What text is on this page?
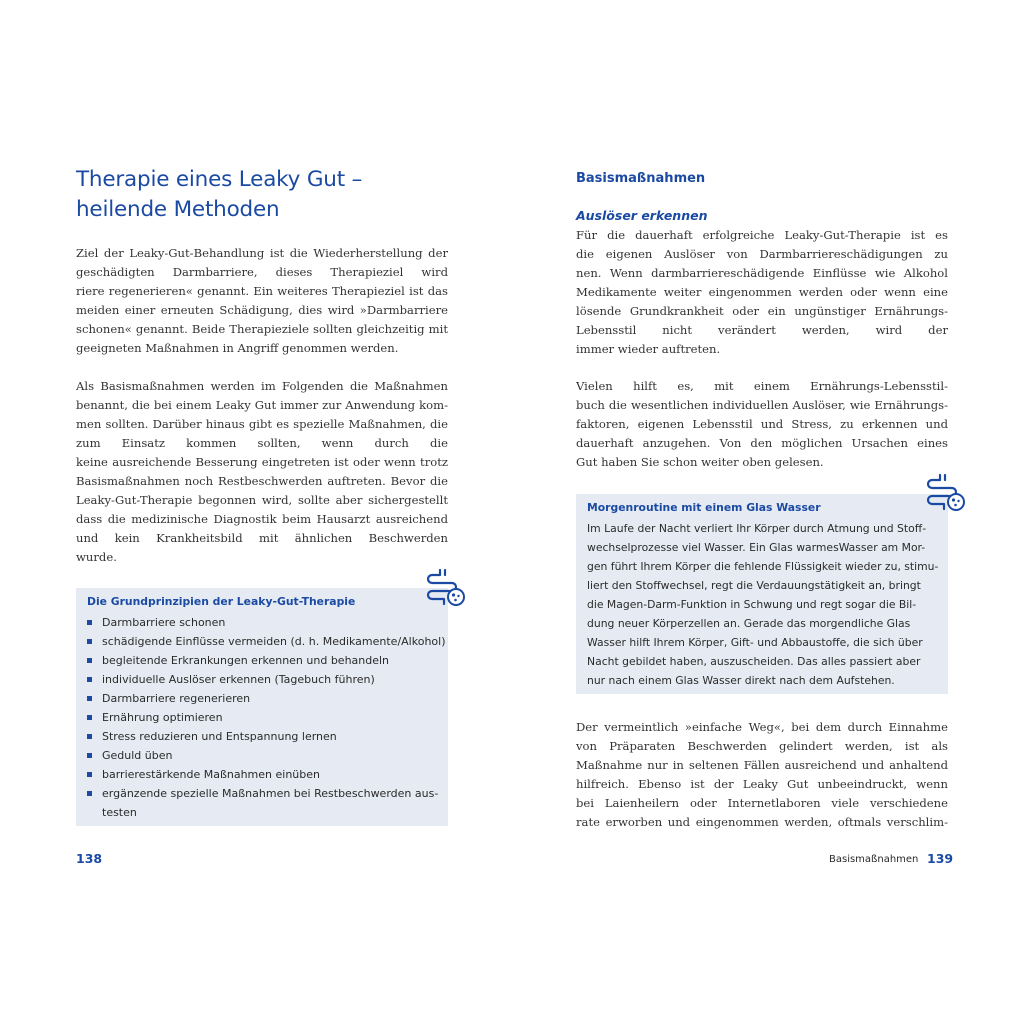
Therapie eines Leaky Gut –
heilende Methoden
Ziel der Leaky-Gut-Behandlung ist die Wiederherstellung der
geschädigten Darmbarriere, dieses Therapieziel wird
riere regenerieren« genannt. Ein weiteres Therapieziel ist das
meiden einer erneuten Schädigung, dies wird »Darmbarriere
schonen« genannt. Beide Therapieziele sollten gleichzeitig mit
geeigneten Maßnahmen in Angriff genommen werden.
Als Basismaßnahmen werden im Folgenden die Maßnahmen
benannt, die bei einem Leaky Gut immer zur Anwendung kom-
men sollten. Darüber hinaus gibt es spezielle Maßnahmen, die
zum Einsatz kommen sollten, wenn durch die
keine ausreichende Besserung eingetreten ist oder wenn trotz
Basismaßnahmen noch Restbeschwerden auftreten. Bevor die
Leaky-Gut-Therapie begonnen wird, sollte aber sichergestellt
dass die medizinische Diagnostik beim Hausarzt ausreichend
und kein Krankheitsbild mit ähnlichen Beschwerden
wurde.
Die Grundprinzipien der Leaky-Gut-Therapie
Darmbarriere schonen
schädigende Einflüsse vermeiden (d. h. Medikamente/Alkohol)
begleitende Erkrankungen erkennen und behandeln
individuelle Auslöser erkennen (Tagebuch führen)
Darmbarriere regenerieren
Ernährung optimieren
Stress reduzieren und Entspannung lernen
Geduld üben
barrierestärkende Maßnahmen einüben
ergänzende spezielle Maßnahmen bei Restbeschwerden aus-
testen
138
Basismaßnahmen
Auslöser erkennen
Für die dauerhaft erfolgreiche Leaky-Gut-Therapie ist es
die eigenen Auslöser von Darmbarriereschädigungen zu
nen. Wenn darmbarriereschädigende Einflüsse wie Alkohol
Medikamente weiter eingenommen werden oder wenn eine
lösende Grundkrankheit oder ein ungünstiger Ernährungs-
Lebensstil nicht verändert werden, wird der
immer wieder auftreten.
Vielen hilft es, mit einem Ernährungs-Lebensstil-
buch die wesentlichen individuellen Auslöser, wie Ernährungs-
faktoren, eigenen Lebensstil und Stress, zu erkennen und
dauerhaft anzugehen. Von den möglichen Ursachen eines
Gut haben Sie schon weiter oben gelesen.
Morgenroutine mit einem Glas Wasser
Im Laufe der Nacht verliert Ihr Körper durch Atmung und Stoff-
wechselprozesse viel Wasser. Ein Glas warmesWasser am Mor-
gen führt Ihrem Körper die fehlende Flüssigkeit wieder zu, stimu-
liert den Stoffwechsel, regt die Verdauungstätigkeit an, bringt
die Magen-Darm-Funktion in Schwung und regt sogar die Bil-
dung neuer Körperzellen an. Gerade das morgendliche Glas
Wasser hilft Ihrem Körper, Gift- und Abbaustoffe, die sich über
Nacht gebildet haben, auszuscheiden. Das alles passiert aber
nur nach einem Glas Wasser direkt nach dem Aufstehen.
Der vermeintlich »einfache Weg«, bei dem durch Einnahme
von Präparaten Beschwerden gelindert werden, ist als
Maßnahme nur in seltenen Fällen ausreichend und anhaltend
hilfreich. Ebenso ist der Leaky Gut unbeeindruckt, wenn
bei Laienheilern oder Internetlaboren viele verschiedene
rate erworben und eingenommen werden, oftmals verschlim-
Basismaßnahmen 139
